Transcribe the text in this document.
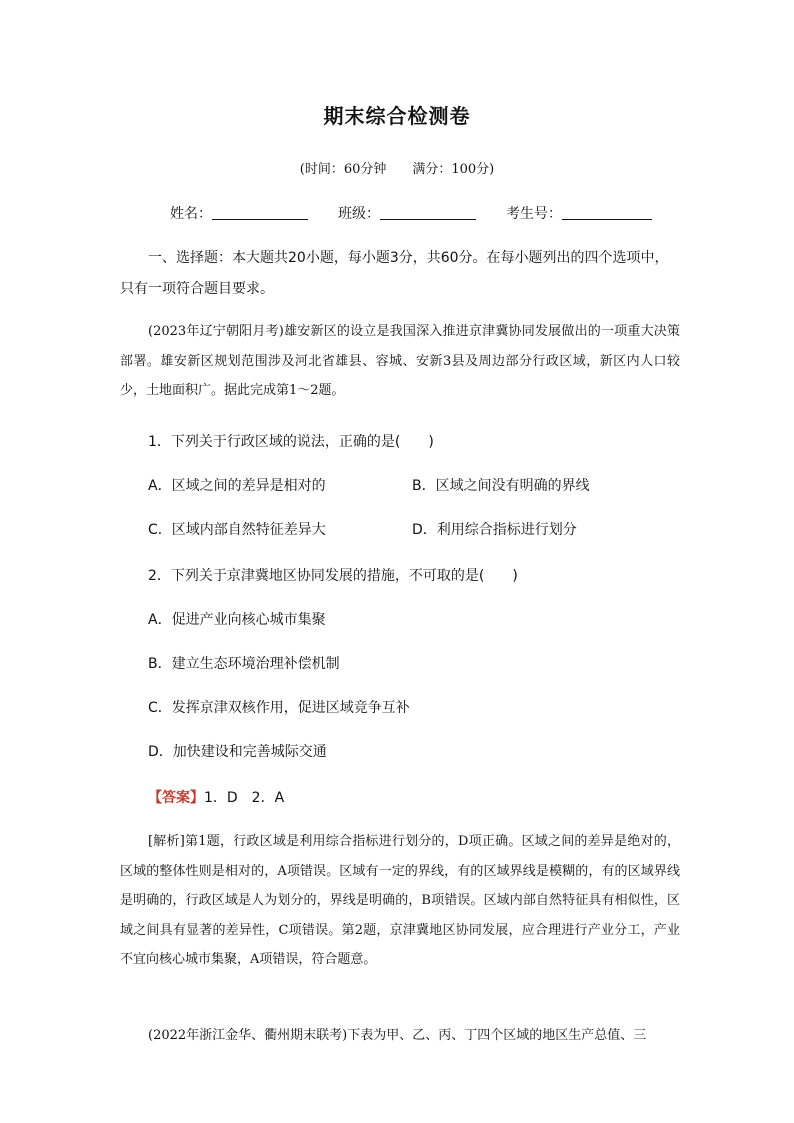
期末综合检测卷
(时间：60分钟　　满分：100分)
姓名：	班级：	考生号：
一、选择题：本大题共20小题，每小题3分，共60分。在每小题列出的四个选项中，只有一项符合题目要求。
(2023年辽宁朝阳月考)雄安新区的设立是我国深入推进京津冀协同发展做出的一项重大决策部署。雄安新区规划范围涉及河北省雄县、容城、安新3县及周边部分行政区域，新区内人口较少，土地面积广。据此完成第1～2题。
1．下列关于行政区域的说法，正确的是(　　)
A．区域之间的差异是相对的	B．区域之间没有明确的界线
C．区域内部自然特征差异大	D．利用综合指标进行划分
2．下列关于京津冀地区协同发展的措施，不可取的是(　　)
A．促进产业向核心城市集聚
B．建立生态环境治理补偿机制
C．发挥京津双核作用，促进区域竞争互补
D．加快建设和完善城际交通
【答案】1．D　2．A
[解析]第1题，行政区域是利用综合指标进行划分的，D项正确。区域之间的差异是绝对的，区域的整体性则是相对的，A项错误。区域有一定的界线，有的区域界线是模糊的，有的区域界线是明确的，行政区域是人为划分的，界线是明确的，B项错误。区域内部自然特征具有相似性，区域之间具有显著的差异性，C项错误。第2题，京津冀地区协同发展，应合理进行产业分工，产业不宜向核心城市集聚，A项错误，符合题意。
(2022年浙江金华、衢州期末联考)下表为甲、乙、丙、丁四个区域的地区生产总值、三
